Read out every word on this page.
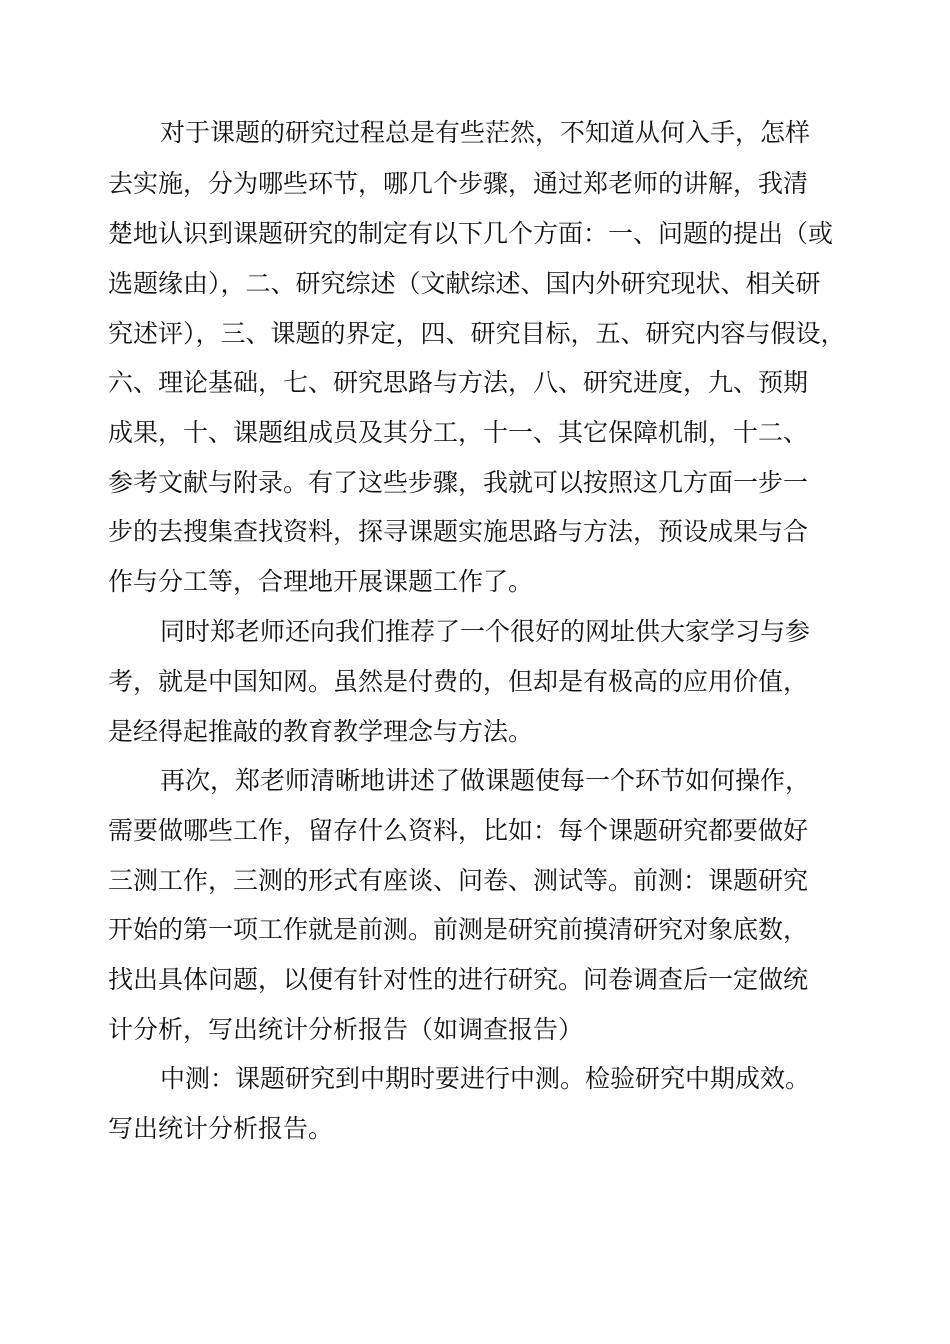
对于课题的研究过程总是有些茫然，不知道从何入手，怎样

去实施，分为哪些环节，哪几个步骤，通过郑老师的讲解，我清

楚地认识到课题研究的制定有以下几个方面：一、问题的提出（或

选题缘由），二、研究综述（文献综述、国内外研究现状、相关研

究述评），三、课题的界定，四、研究目标，五、研究内容与假设，

六、理论基础，七、研究思路与方法，八、研究进度，九、预期

成果，十、课题组成员及其分工，十一、其它保障机制，十二、

参考文献与附录。有了这些步骤，我就可以按照这几方面一步一

步的去搜集查找资料，探寻课题实施思路与方法，预设成果与合

作与分工等，合理地开展课题工作了。

同时郑老师还向我们推荐了一个很好的网址供大家学习与参

考，就是中国知网。虽然是付费的，但却是有极高的应用价值，

是经得起推敲的教育教学理念与方法。

再次，郑老师清晰地讲述了做课题使每一个环节如何操作，

需要做哪些工作，留存什么资料，比如：每个课题研究都要做好

三测工作，三测的形式有座谈、问卷、测试等。前测：课题研究

开始的第一项工作就是前测。前测是研究前摸清研究对象底数，

找出具体问题，以便有针对性的进行研究。问卷调查后一定做统

计分析，写出统计分析报告（如调查报告）

中测：课题研究到中期时要进行中测。检验研究中期成效。

写出统计分析报告。
